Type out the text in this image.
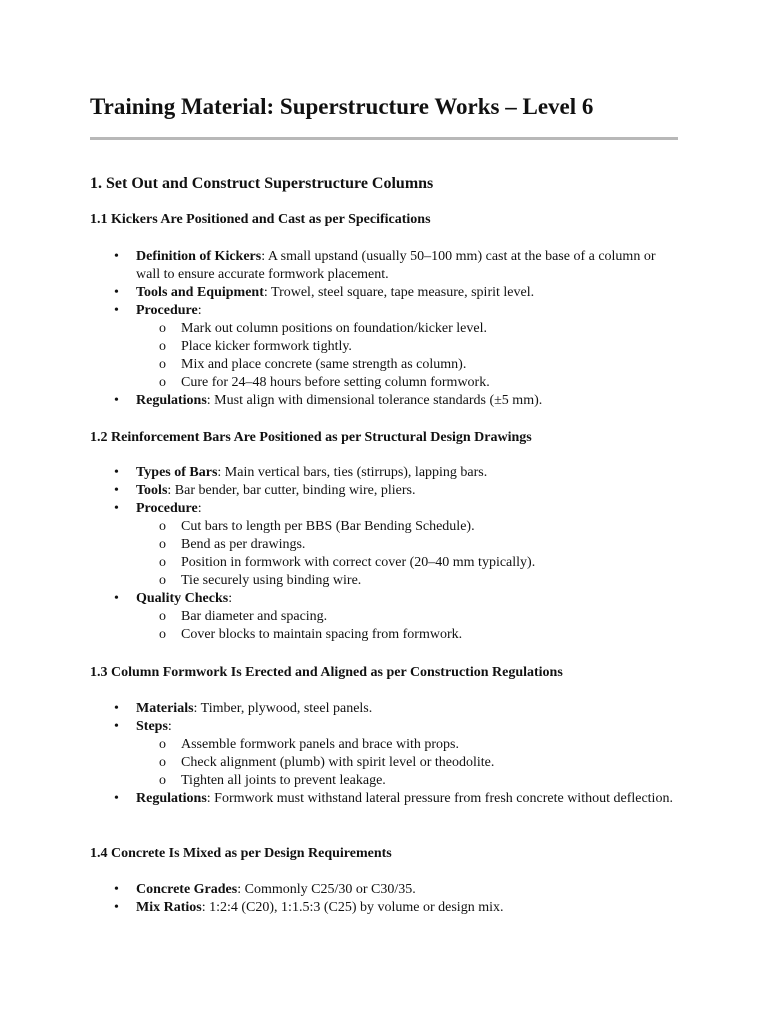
Training Material: Superstructure Works – Level 6
1. Set Out and Construct Superstructure Columns
1.1 Kickers Are Positioned and Cast as per Specifications
• Definition of Kickers: A small upstand (usually 50–100 mm) cast at the base of a column or wall to ensure accurate formwork placement.
• Tools and Equipment: Trowel, steel square, tape measure, spirit level.
• Procedure:
o Mark out column positions on foundation/kicker level.
o Place kicker formwork tightly.
o Mix and place concrete (same strength as column).
o Cure for 24–48 hours before setting column formwork.
• Regulations: Must align with dimensional tolerance standards (±5 mm).
1.2 Reinforcement Bars Are Positioned as per Structural Design Drawings
• Types of Bars: Main vertical bars, ties (stirrups), lapping bars.
• Tools: Bar bender, bar cutter, binding wire, pliers.
• Procedure:
o Cut bars to length per BBS (Bar Bending Schedule).
o Bend as per drawings.
o Position in formwork with correct cover (20–40 mm typically).
o Tie securely using binding wire.
• Quality Checks:
o Bar diameter and spacing.
o Cover blocks to maintain spacing from formwork.
1.3 Column Formwork Is Erected and Aligned as per Construction Regulations
• Materials: Timber, plywood, steel panels.
• Steps:
o Assemble formwork panels and brace with props.
o Check alignment (plumb) with spirit level or theodolite.
o Tighten all joints to prevent leakage.
• Regulations: Formwork must withstand lateral pressure from fresh concrete without deflection.
1.4 Concrete Is Mixed as per Design Requirements
• Concrete Grades: Commonly C25/30 or C30/35.
• Mix Ratios: 1:2:4 (C20), 1:1.5:3 (C25) by volume or design mix.
